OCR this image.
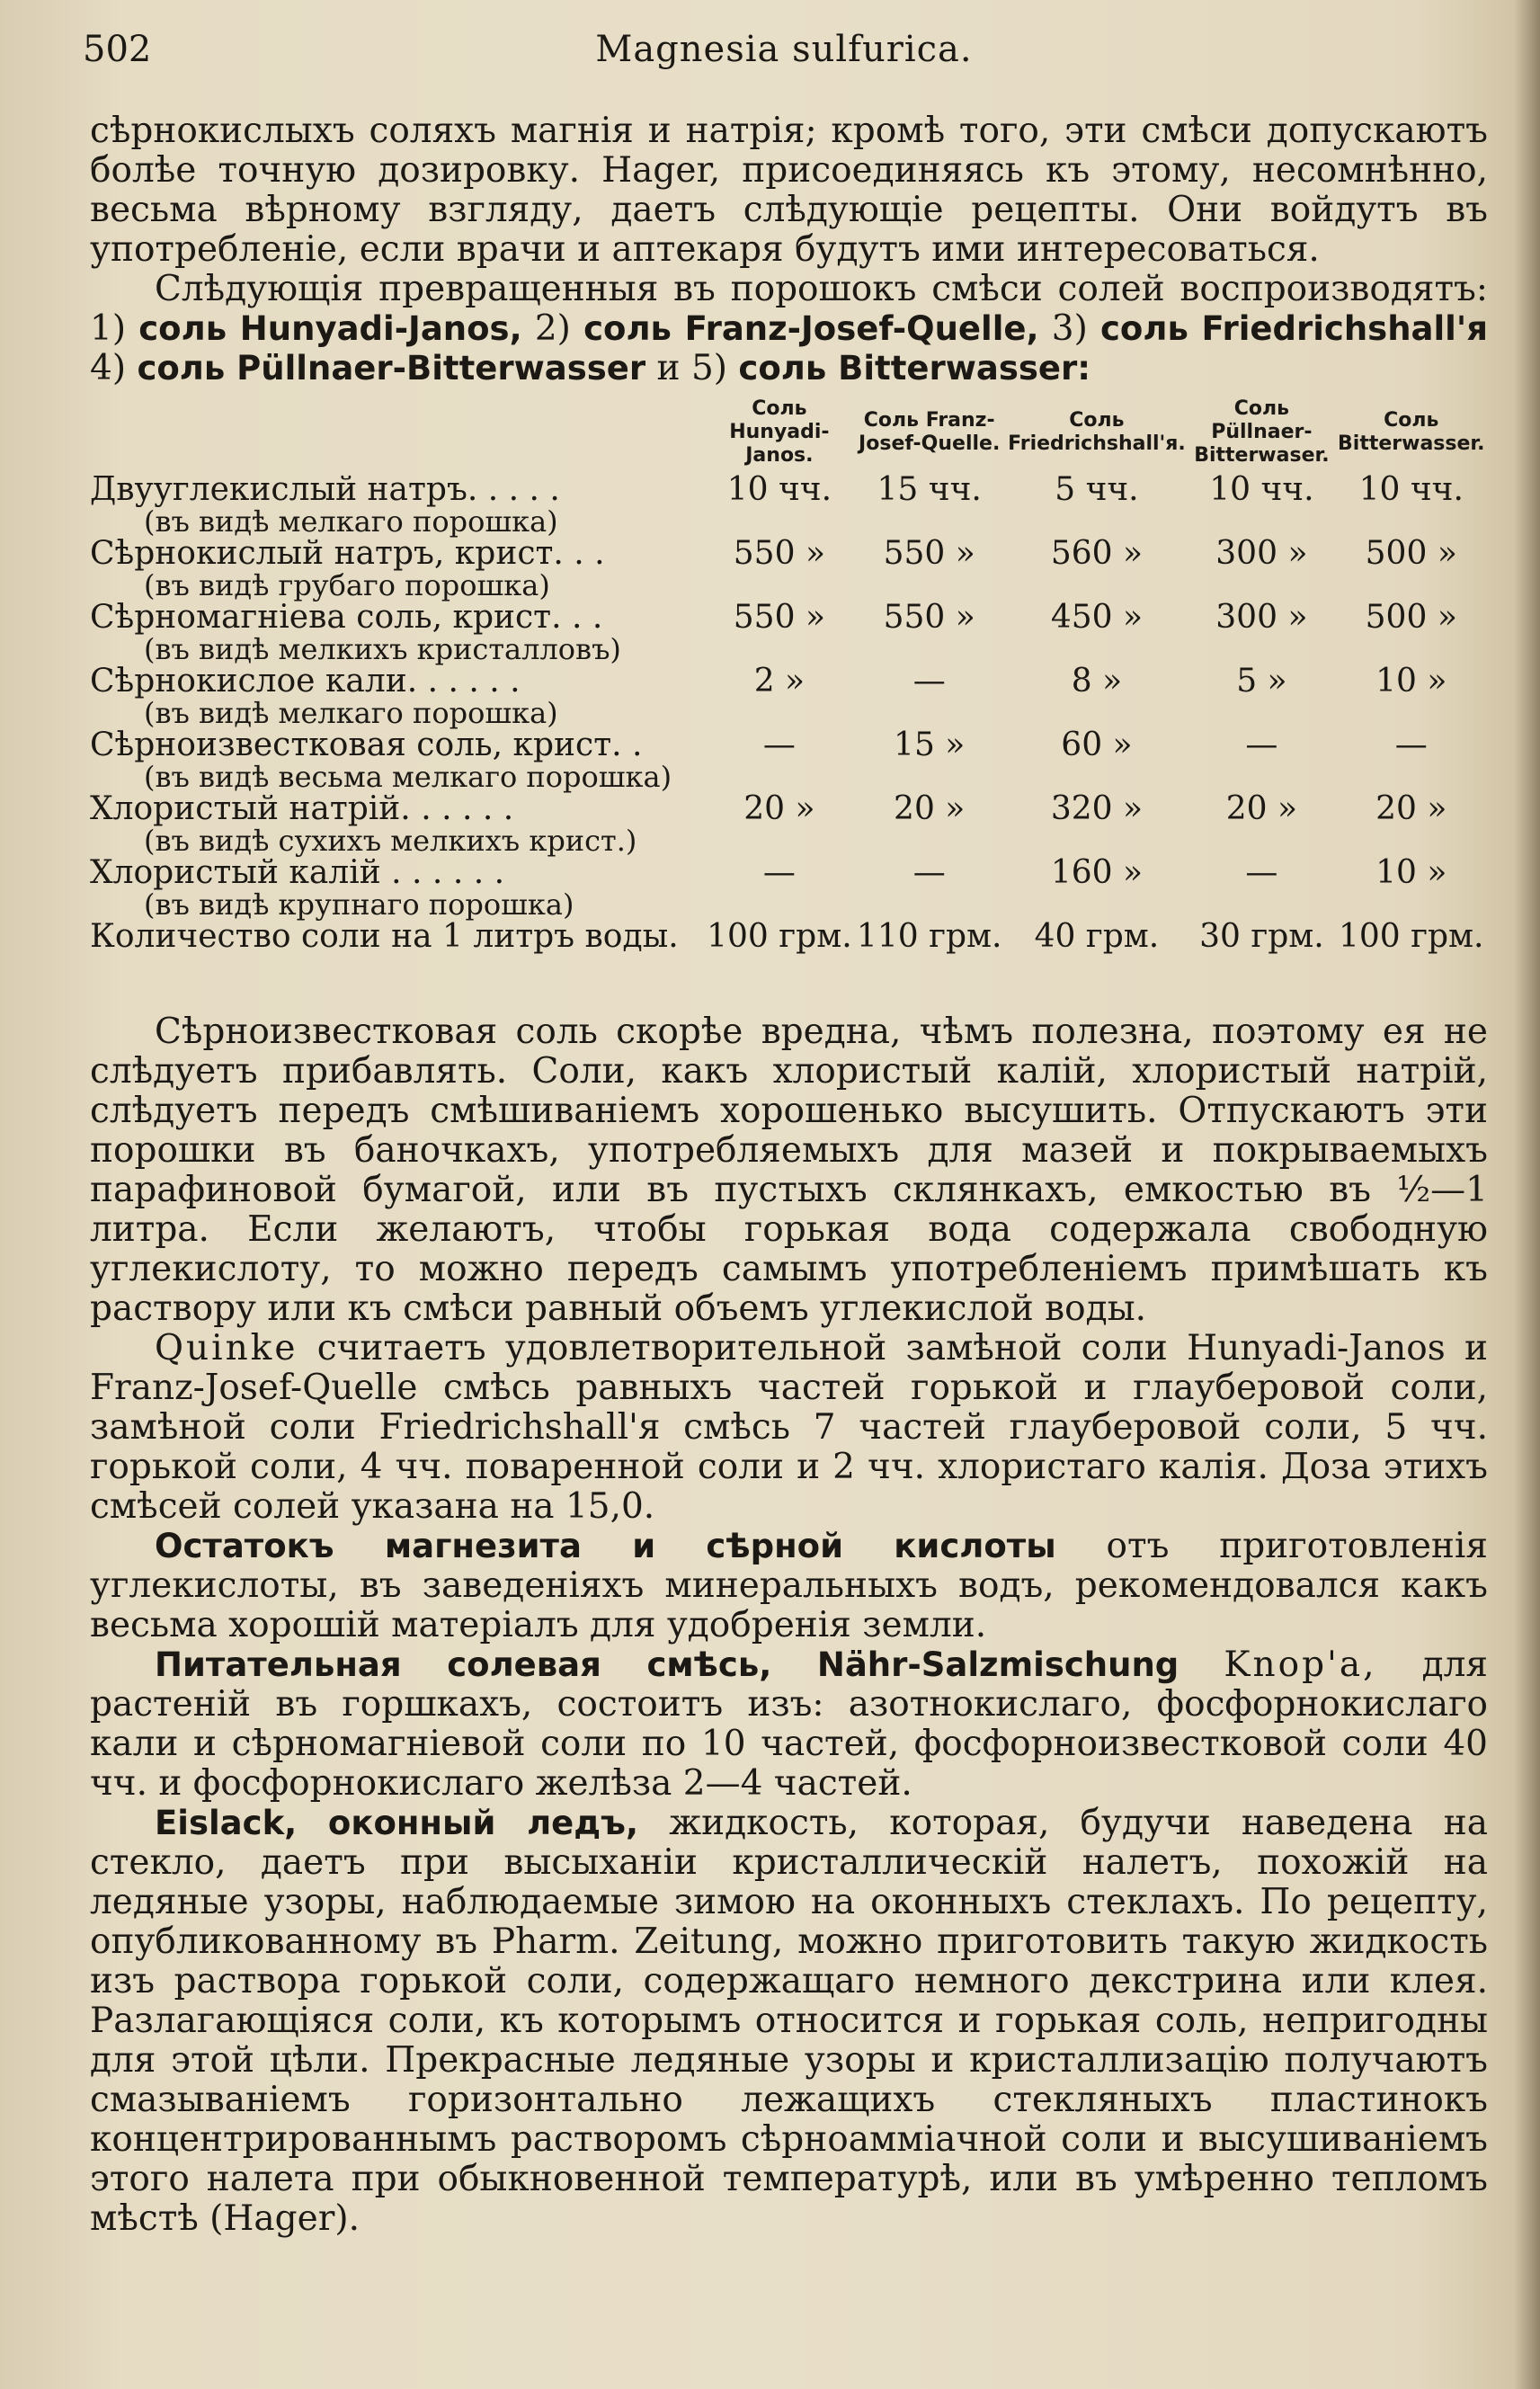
502	Magnesia sulfurica.

сѣрнокислыхъ соляхъ магнія и натрія; кромѣ того, эти смѣси допускаютъ болѣе точную дозировку. Hager, присоединяясь къ этому, несомнѣнно, весьма вѣрному взгляду, даетъ слѣдующіе рецепты. Они войдутъ въ употребленіе, если врачи и аптекаря будутъ ими интересоваться.

Слѣдующія превращенныя въ порошокъ смѣси солей воспроизводятъ: 1) соль Hunyadi-Janos, 2) соль Franz-Josef-Quelle, 3) соль Friedrichshall'я 4) соль Püllnaer-Bitterwasser и 5) соль Bitterwasser:

	Соль Hunyadi-Janos.	Соль Franz-Josef-Quelle.	Соль Friedrichshall'я.	Соль Püllnaer-Bitterwaser.	Соль Bitterwasser.
Двууглекислый натръ. . . . .	10 чч.	15 чч.	5 чч.	10 чч.	10 чч.
(въ видѣ мелкаго порошка)					
Сѣрнокислый натръ, крист. . .	550 »	550 »	560 »	300 »	500 »
(въ видѣ грубаго порошка)					
Сѣрномагніева соль, крист. . .	550 »	550 »	450 »	300 »	500 »
(въ видѣ мелкихъ кристалловъ)					
Сѣрнокислое кали. . . . . .	2 »	—	8 »	5 »	10 »
(въ видѣ мелкаго порошка)					
Сѣрноизвестковая соль, крист. .	—	15 »	60 »	—	—
(въ видѣ весьма мелкаго порошка)					
Хлористый натрій. . . . . .	20 »	20 »	320 »	20 »	20 »
(въ видѣ сухихъ мелкихъ крист.)					
Хлористый калій . . . . . .	—	—	160 »	—	10 »
(въ видѣ крупнаго порошка)					
Количество соли на 1 литръ воды.	100 грм.	110 грм.	40 грм.	30 грм.	100 грм.

Сѣрноизвестковая соль скорѣе вредна, чѣмъ полезна, поэтому ея не слѣдуетъ прибавлять. Соли, какъ хлористый калій, хлористый натрій, слѣдуетъ передъ смѣшиваніемъ хорошенько высушить. Отпускаютъ эти порошки въ баночкахъ, употребляемыхъ для мазей и покрываемыхъ парафиновой бумагой, или въ пустыхъ склянкахъ, емкостью въ ½—1 литра. Если желаютъ, чтобы горькая вода содержала свободную углекислоту, то можно передъ самымъ употребленіемъ примѣшать къ раствору или къ смѣси равный объемъ углекислой воды.

Quinke считаетъ удовлетворительной замѣной соли Hunyadi-Janos и Franz-Josef-Quelle смѣсь равныхъ частей горькой и глауберовой соли, замѣной соли Friedrichshall'я смѣсь 7 частей глауберовой соли, 5 чч. горькой соли, 4 чч. поваренной соли и 2 чч. хлористаго калія. Доза этихъ смѣсей солей указана на 15,0.

Остатокъ магнезита и сѣрной кислоты отъ приготовленія углекислоты, въ заведеніяхъ минеральныхъ водъ, рекомендовался какъ весьма хорошій матеріалъ для удобренія земли.

Питательная солевая смѣсь, Nähr-Salzmischung Knop'а, для растеній въ горшкахъ, состоитъ изъ: азотнокислаго, фосфорнокислаго кали и сѣрномагніевой соли по 10 частей, фосфорноизвестковой соли 40 чч. и фосфорнокислаго желѣза 2—4 частей.

Eislack, оконный ледъ, жидкость, которая, будучи наведена на стекло, даетъ при высыханіи кристаллическій налетъ, похожій на ледяные узоры, наблюдаемые зимою на оконныхъ стеклахъ. По рецепту, опубликованному въ Pharm. Zeitung, можно приготовить такую жидкость изъ раствора горькой соли, содержащаго немного декстрина или клея. Разлагающіяся соли, къ которымъ относится и горькая соль, непригодны для этой цѣли. Прекрасные ледяные узоры и кристаллизацію получаютъ смазываніемъ горизонтально лежащихъ стекляныхъ пластинокъ концентрированнымъ растворомъ сѣрноамміачной соли и высушиваніемъ этого налета при обыкновенной температурѣ, или въ умѣренно тепломъ мѣстѣ (Hager).
